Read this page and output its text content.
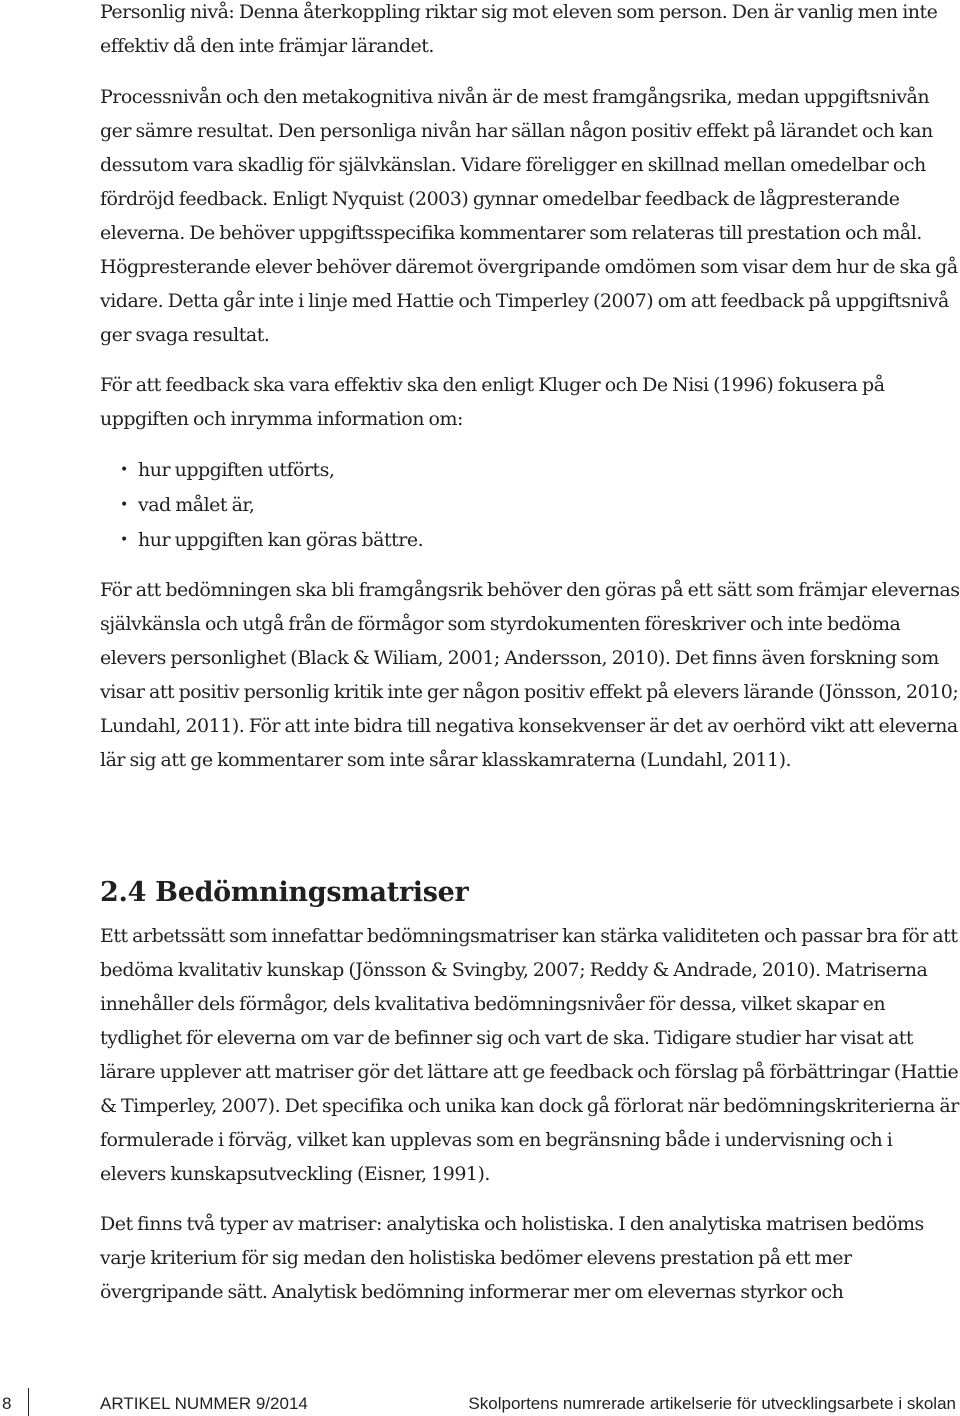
Personlig nivå: Denna återkoppling riktar sig mot eleven som person. Den är vanlig men inte effektiv då den inte främjar lärandet.

Processnivån och den metakognitiva nivån är de mest framgångsrika, medan uppgiftsnivån ger sämre resultat. Den personliga nivån har sällan någon positiv effekt på lärandet och kan dessutom vara skadlig för självkänslan. Vidare föreligger en skillnad mellan omedelbar och fördröjd feedback. Enligt Nyquist (2003) gynnar omedelbar feedback de lågpresterande eleverna. De behöver uppgiftsspecifika kommentarer som relateras till prestation och mål. Högpresterande elever behöver däremot övergripande omdömen som visar dem hur de ska gå vidare. Detta går inte i linje med Hattie och Timperley (2007) om att feedback på uppgiftsnivå ger svaga resultat.

För att feedback ska vara effektiv ska den enligt Kluger och De Nisi (1996) fokusera på uppgiften och inrymma information om:

• hur uppgiften utförts,
• vad målet är,
• hur uppgiften kan göras bättre.

För att bedömningen ska bli framgångsrik behöver den göras på ett sätt som främjar elevernas självkänsla och utgå från de förmågor som styrdokumenten föreskriver och inte bedöma elevers personlighet (Black & Wiliam, 2001; Andersson, 2010). Det finns även forskning som visar att positiv personlig kritik inte ger någon positiv effekt på elevers lärande (Jönsson, 2010; Lundahl, 2011). För att inte bidra till negativa konsekvenser är det av oerhörd vikt att eleverna lär sig att ge kommentarer som inte sårar klasskamraterna (Lundahl, 2011).

2.4 Bedömningsmatriser

Ett arbetssätt som innefattar bedömningsmatriser kan stärka validiteten och passar bra för att bedöma kvalitativ kunskap (Jönsson & Svingby, 2007; Reddy & Andrade, 2010). Matriserna innehåller dels förmågor, dels kvalitativa bedömningsnivåer för dessa, vilket skapar en tydlighet för eleverna om var de befinner sig och vart de ska. Tidigare studier har visat att lärare upplever att matriser gör det lättare att ge feedback och förslag på förbättringar (Hattie & Timperley, 2007). Det specifika och unika kan dock gå förlorat när bedömningskriterierna är formulerade i förväg, vilket kan upplevas som en begränsning både i undervisning och i elevers kunskapsutveckling (Eisner, 1991).

Det finns två typer av matriser: analytiska och holistiska. I den analytiska matrisen bedöms varje kriterium för sig medan den holistiska bedömer elevens prestation på ett mer övergripande sätt. Analytisk bedömning informerar mer om elevernas styrkor och

8	ARTIKEL NUMMER 9/2014	Skolportens numrerade artikelserie för utvecklingsarbete i skolan
